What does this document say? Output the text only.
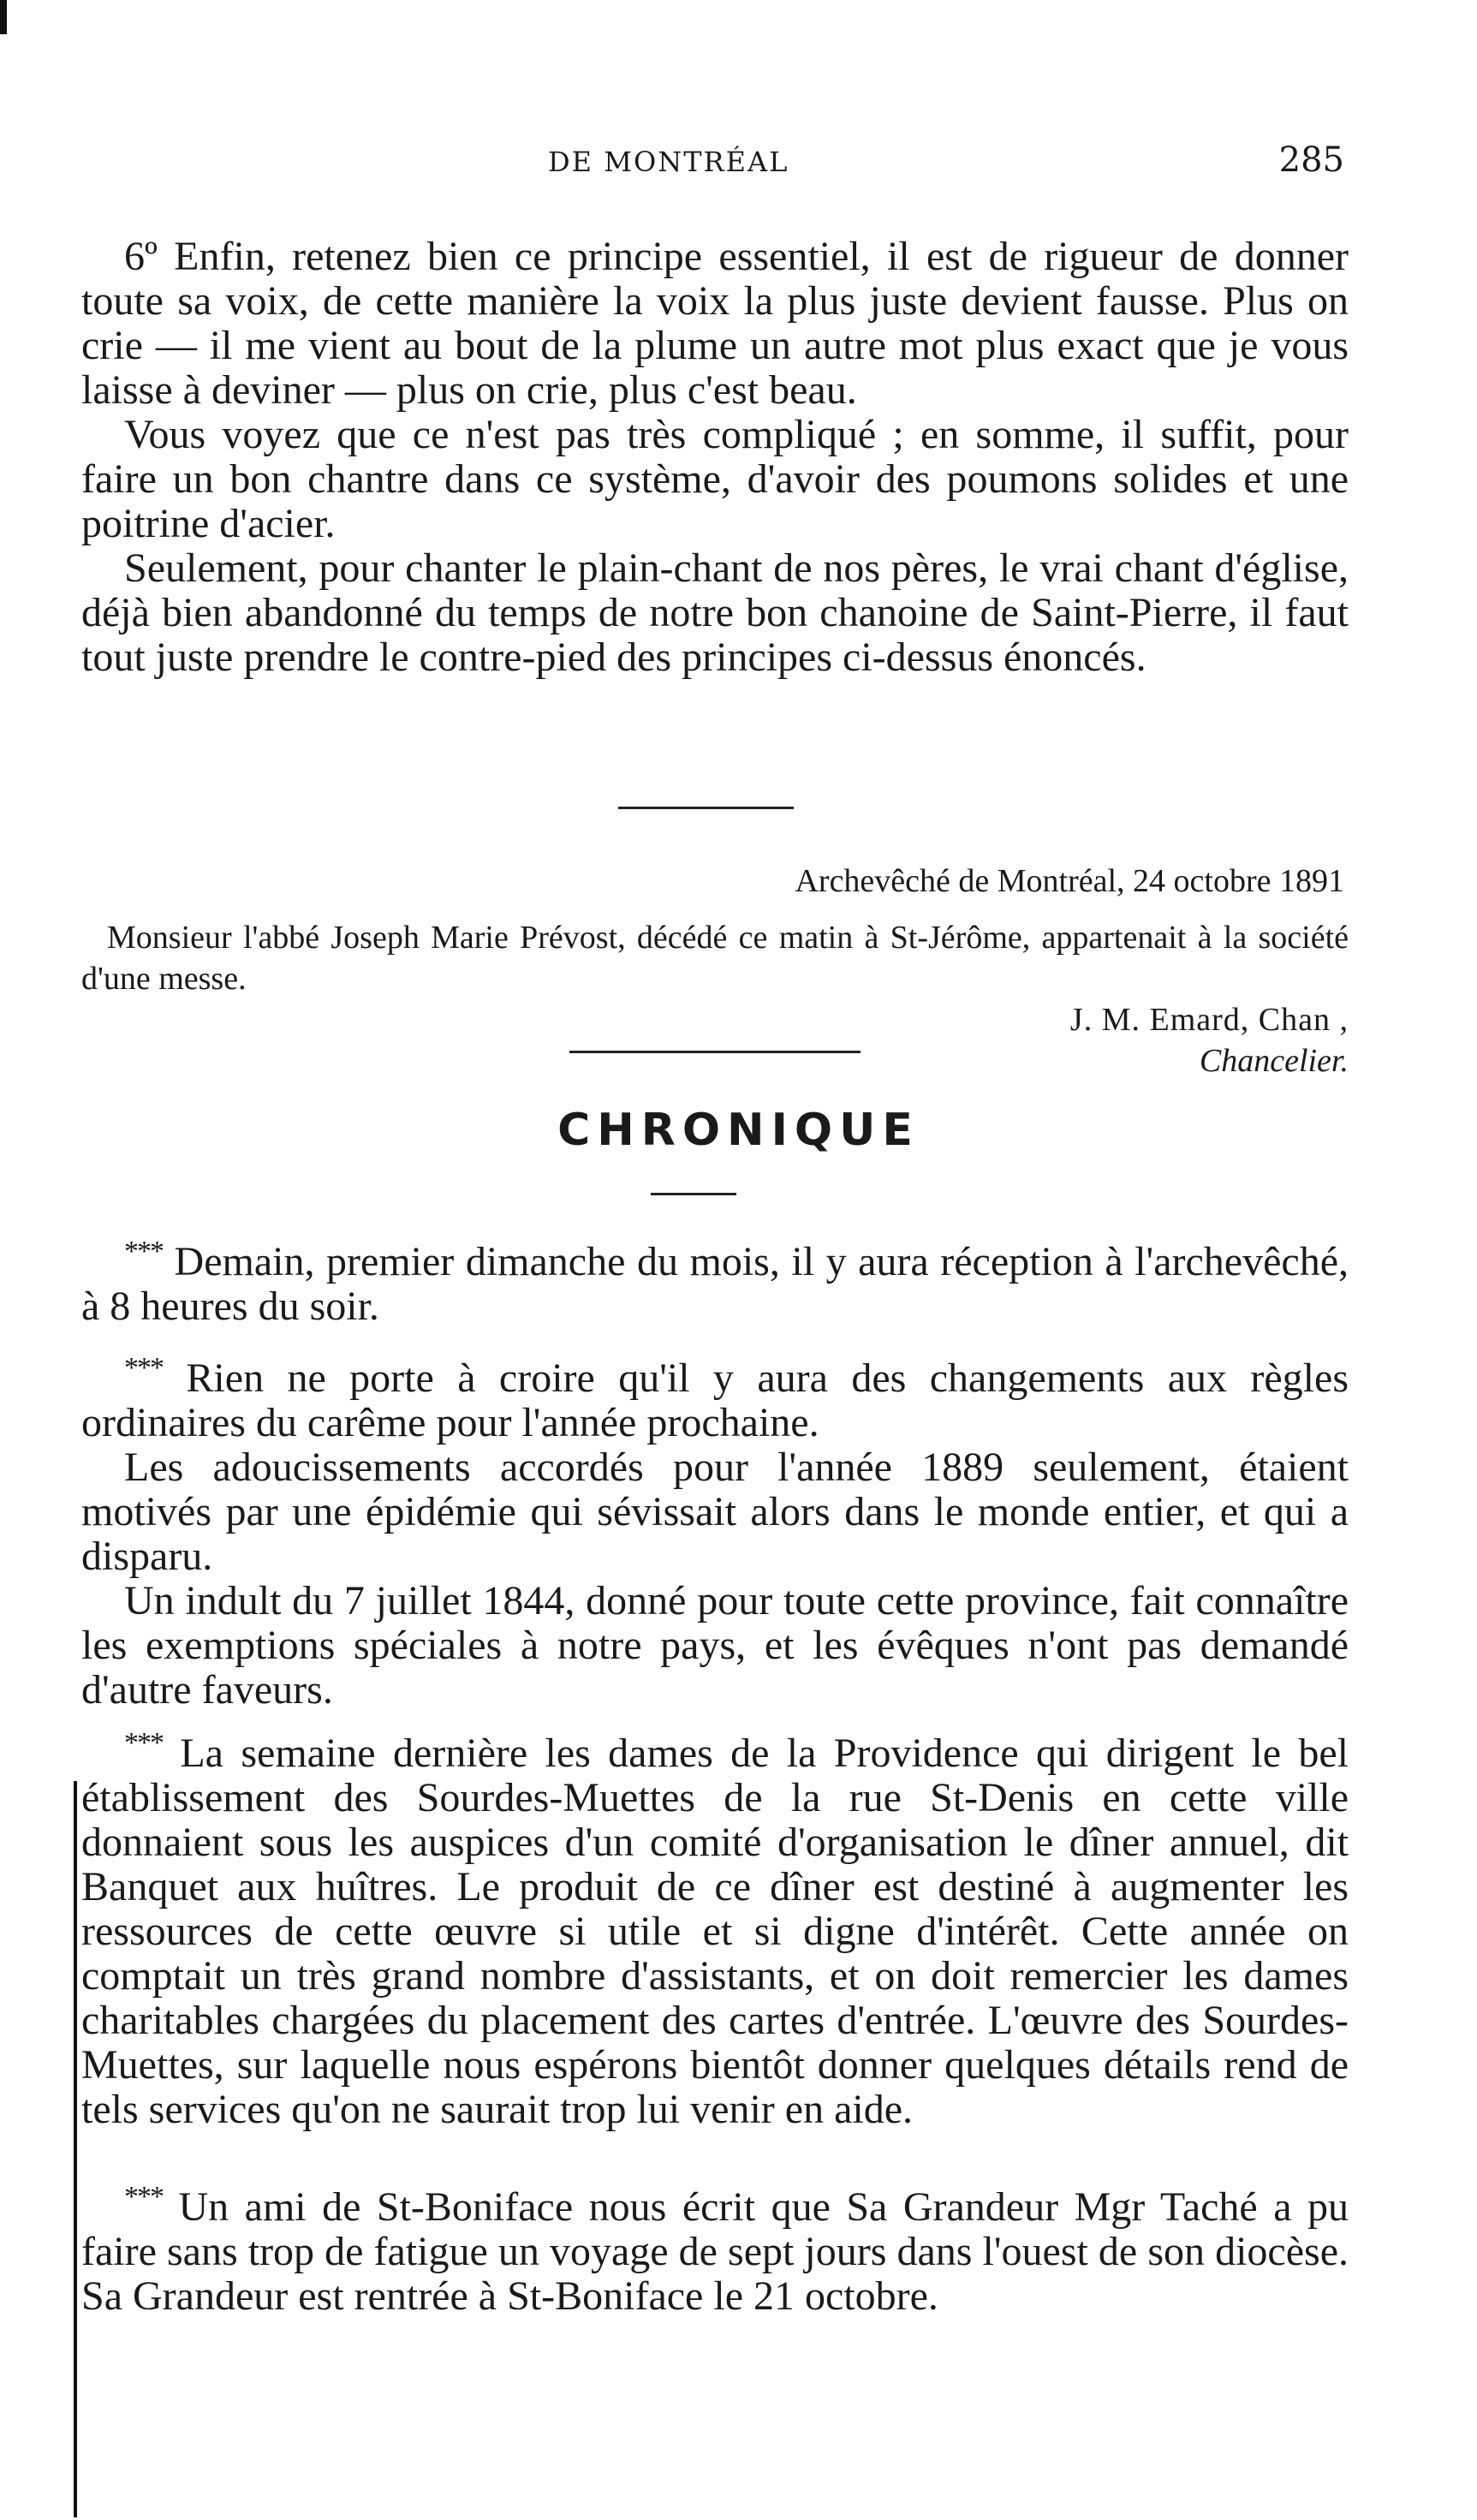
DE MONTRÉAL	285

6º Enfin, retenez bien ce principe essentiel, il est de rigueur de donner toute sa voix, de cette manière la voix la plus juste devient fausse. Plus on crie — il me vient au bout de la plume un autre mot plus exact que je vous laisse à deviner — plus on crie, plus c'est beau.

Vous voyez que ce n'est pas très compliqué ; en somme, il suffit, pour faire un bon chantre dans ce système, d'avoir des poumons solides et une poitrine d'acier.

Seulement, pour chanter le plain-chant de nos pères, le vrai chant d'église, déjà bien abandonné du temps de notre bon chanoine de Saint-Pierre, il faut tout juste prendre le contre-pied des principes ci-dessus énoncés.

Archevêché de Montréal, 24 octobre 1891
Monsieur l'abbé Joseph Marie Prévost, décédé ce matin à St-Jérôme, appartenait à la société d'une messe.
J. M. Emard, Chan ,
Chancelier.
CHRONIQUE

*** Demain, premier dimanche du mois, il y aura réception à l'archevêché, à 8 heures du soir.

*** Rien ne porte à croire qu'il y aura des changements aux règles ordinaires du carême pour l'année prochaine.

Les adoucissements accordés pour l'année 1889 seulement, étaient motivés par une épidémie qui sévissait alors dans le monde entier, et qui a disparu.

Un indult du 7 juillet 1844, donné pour toute cette province, fait connaître les exemptions spéciales à notre pays, et les évêques n'ont pas demandé d'autre faveurs.

*** La semaine dernière les dames de la Providence qui dirigent le bel établissement des Sourdes-Muettes de la rue St-Denis en cette ville donnaient sous les auspices d'un comité d'organisation le dîner annuel, dit Banquet aux huîtres. Le produit de ce dîner est destiné à augmenter les ressources de cette œuvre si utile et si digne d'intérêt. Cette année on comptait un très grand nombre d'assistants, et on doit remercier les dames charitables chargées du placement des cartes d'entrée. L'œuvre des Sourdes-Muettes, sur laquelle nous espérons bientôt donner quelques détails rend de tels services qu'on ne saurait trop lui venir en aide.

*** Un ami de St-Boniface nous écrit que Sa Grandeur Mgr Taché a pu faire sans trop de fatigue un voyage de sept jours dans l'ouest de son diocèse. Sa Grandeur est rentrée à St-Boniface le 21 octobre.
